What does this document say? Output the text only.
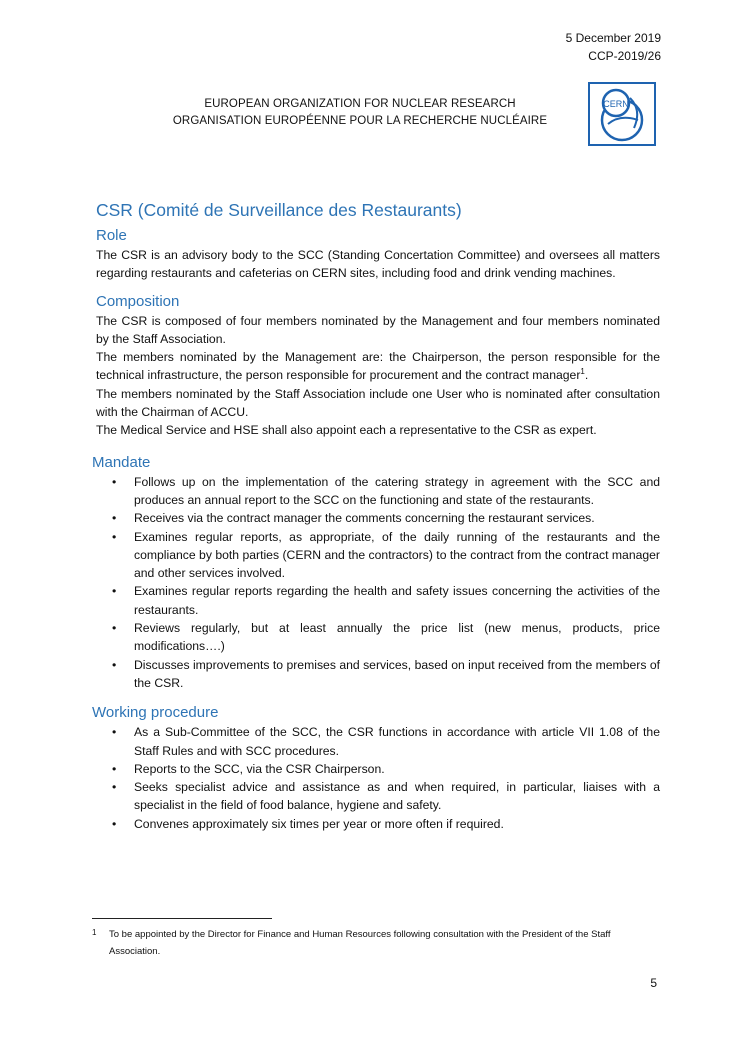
5 December 2019
CCP-2019/26
EUROPEAN ORGANIZATION FOR NUCLEAR RESEARCH
ORGANISATION EUROPÉENNE POUR LA RECHERCHE NUCLÉAIRE
CERN
CSR (Comité de Surveillance des Restaurants)
Role

The CSR is an advisory body to the SCC (Standing Concertation Committee) and oversees all matters regarding restaurants and cafeterias on CERN sites, including food and drink vending machines.

Composition

The CSR is composed of four members nominated by the Management and four members nominated by the Staff Association.

The members nominated by the Management are: the Chairperson, the person responsible for the technical infrastructure, the person responsible for procurement and the contract manager$^1$.

The members nominated by the Staff Association include one User who is nominated after consultation with the Chairman of ACCU.

The Medical Service and HSE shall also appoint each a representative to the CSR as expert.

Mandate
• Follows up on the implementation of the catering strategy in agreement with the SCC and produces an annual report to the SCC on the functioning and state of the restaurants.
• Receives via the contract manager the comments concerning the restaurant services.
• Examines regular reports, as appropriate, of the daily running of the restaurants and the compliance by both parties (CERN and the contractors) to the contract from the contract manager and other services involved.
• Examines regular reports regarding the health and safety issues concerning the activities of the restaurants.
• Reviews regularly, but at least annually the price list (new menus, products, price modifications….)
• Discusses improvements to premises and services, based on input received from the members of the CSR.
Working procedure
• As a Sub-Committee of the SCC, the CSR functions in accordance with article VII 1.08 of the Staff Rules and with SCC procedures.
• Reports to the SCC, via the CSR Chairperson.
• Seeks specialist advice and assistance as and when required, in particular, liaises with a specialist in the field of food balance, hygiene and safety.
• Convenes approximately six times per year or more often if required.
1	To be appointed by the Director for Finance and Human Resources following consultation with the President of the Staff Association.
5
